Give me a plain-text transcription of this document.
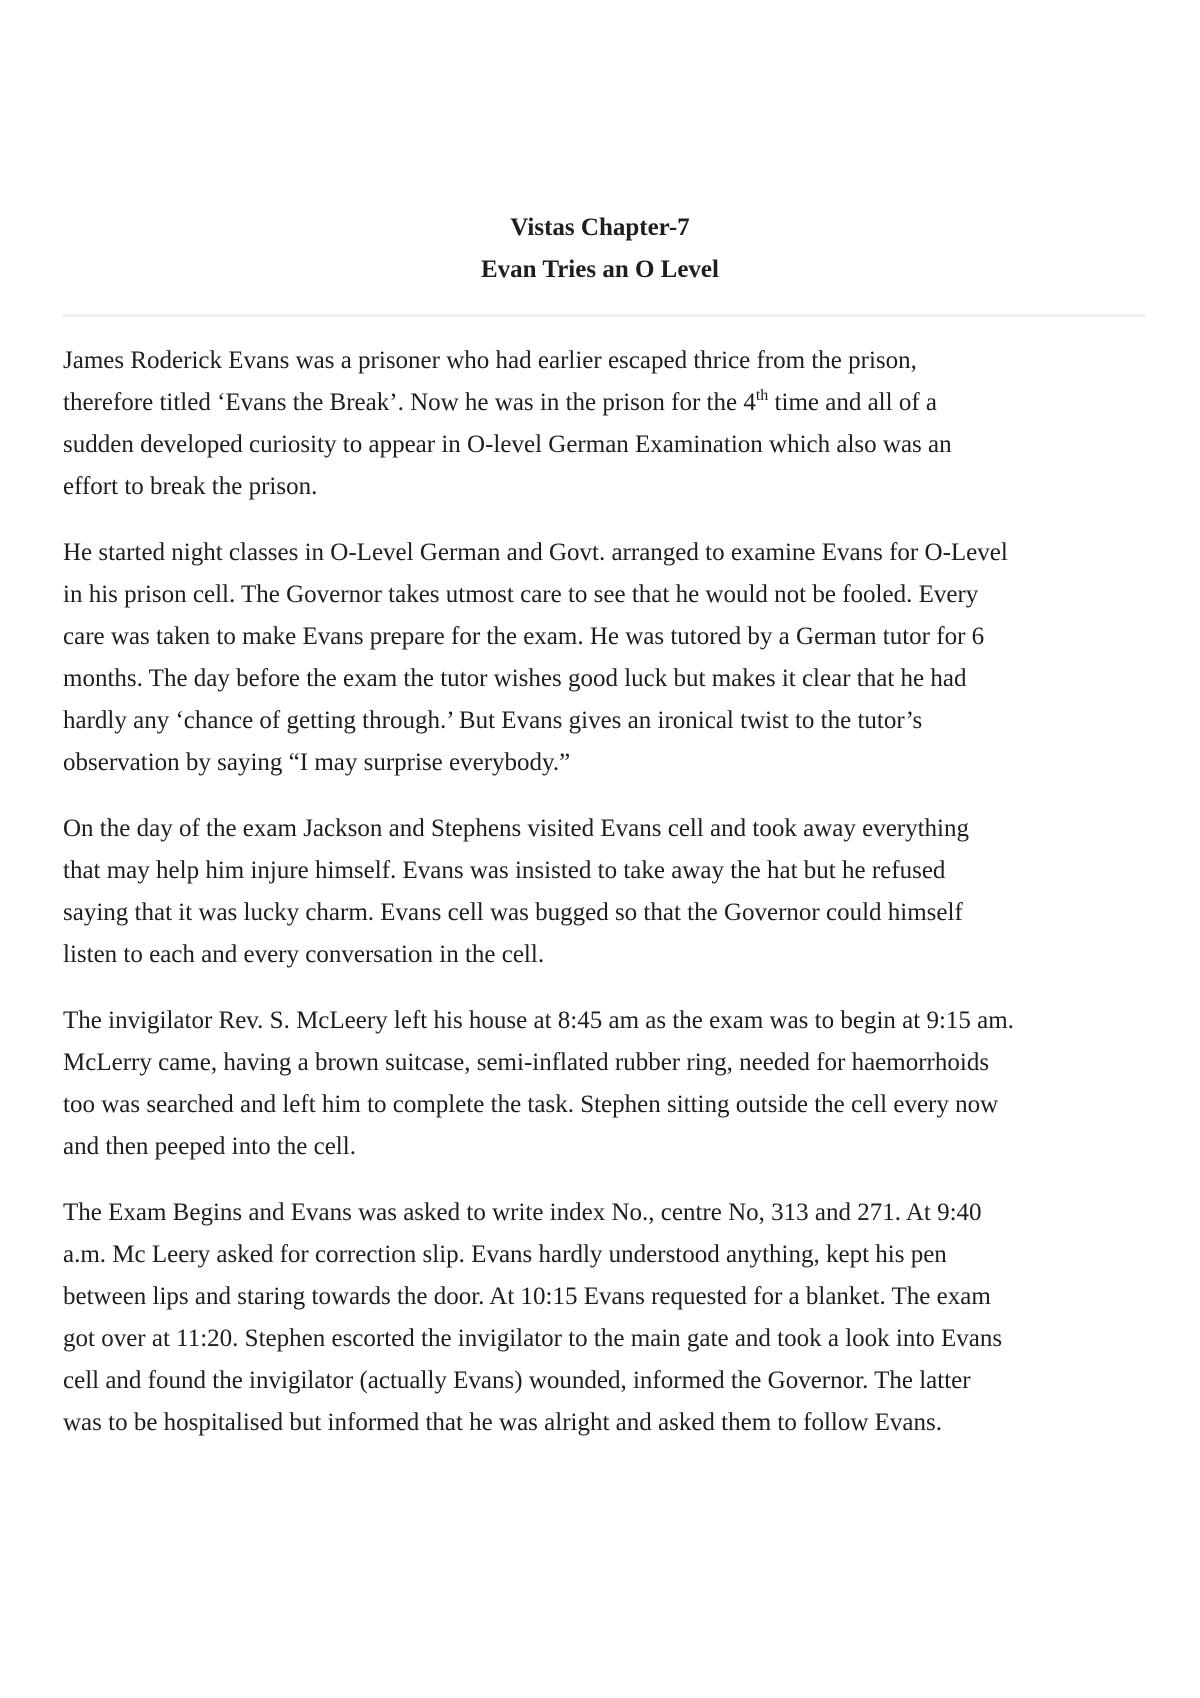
Vistas Chapter-7
Evan Tries an O Level
James Roderick Evans was a prisoner who had earlier escaped thrice from the prison,
therefore titled ‘Evans the Break’. Now he was in the prison for the 4th time and all of a
sudden developed curiosity to appear in O-level German Examination which also was an
effort to break the prison.
He started night classes in O-Level German and Govt. arranged to examine Evans for O-Level
in his prison cell. The Governor takes utmost care to see that he would not be fooled. Every
care was taken to make Evans prepare for the exam. He was tutored by a German tutor for 6
months. The day before the exam the tutor wishes good luck but makes it clear that he had
hardly any ‘chance of getting through.’ But Evans gives an ironical twist to the tutor’s
observation by saying “I may surprise everybody.”
On the day of the exam Jackson and Stephens visited Evans cell and took away everything
that may help him injure himself. Evans was insisted to take away the hat but he refused
saying that it was lucky charm. Evans cell was bugged so that the Governor could himself
listen to each and every conversation in the cell.
The invigilator Rev. S. McLeery left his house at 8:45 am as the exam was to begin at 9:15 am.
McLerry came, having a brown suitcase, semi-inflated rubber ring, needed for haemorrhoids
too was searched and left him to complete the task. Stephen sitting outside the cell every now
and then peeped into the cell.
The Exam Begins and Evans was asked to write index No., centre No, 313 and 271. At 9:40
a.m. Mc Leery asked for correction slip. Evans hardly understood anything, kept his pen
between lips and staring towards the door. At 10:15 Evans requested for a blanket. The exam
got over at 11:20. Stephen escorted the invigilator to the main gate and took a look into Evans
cell and found the invigilator (actually Evans) wounded, informed the Governor. The latter
was to be hospitalised but informed that he was alright and asked them to follow Evans.
